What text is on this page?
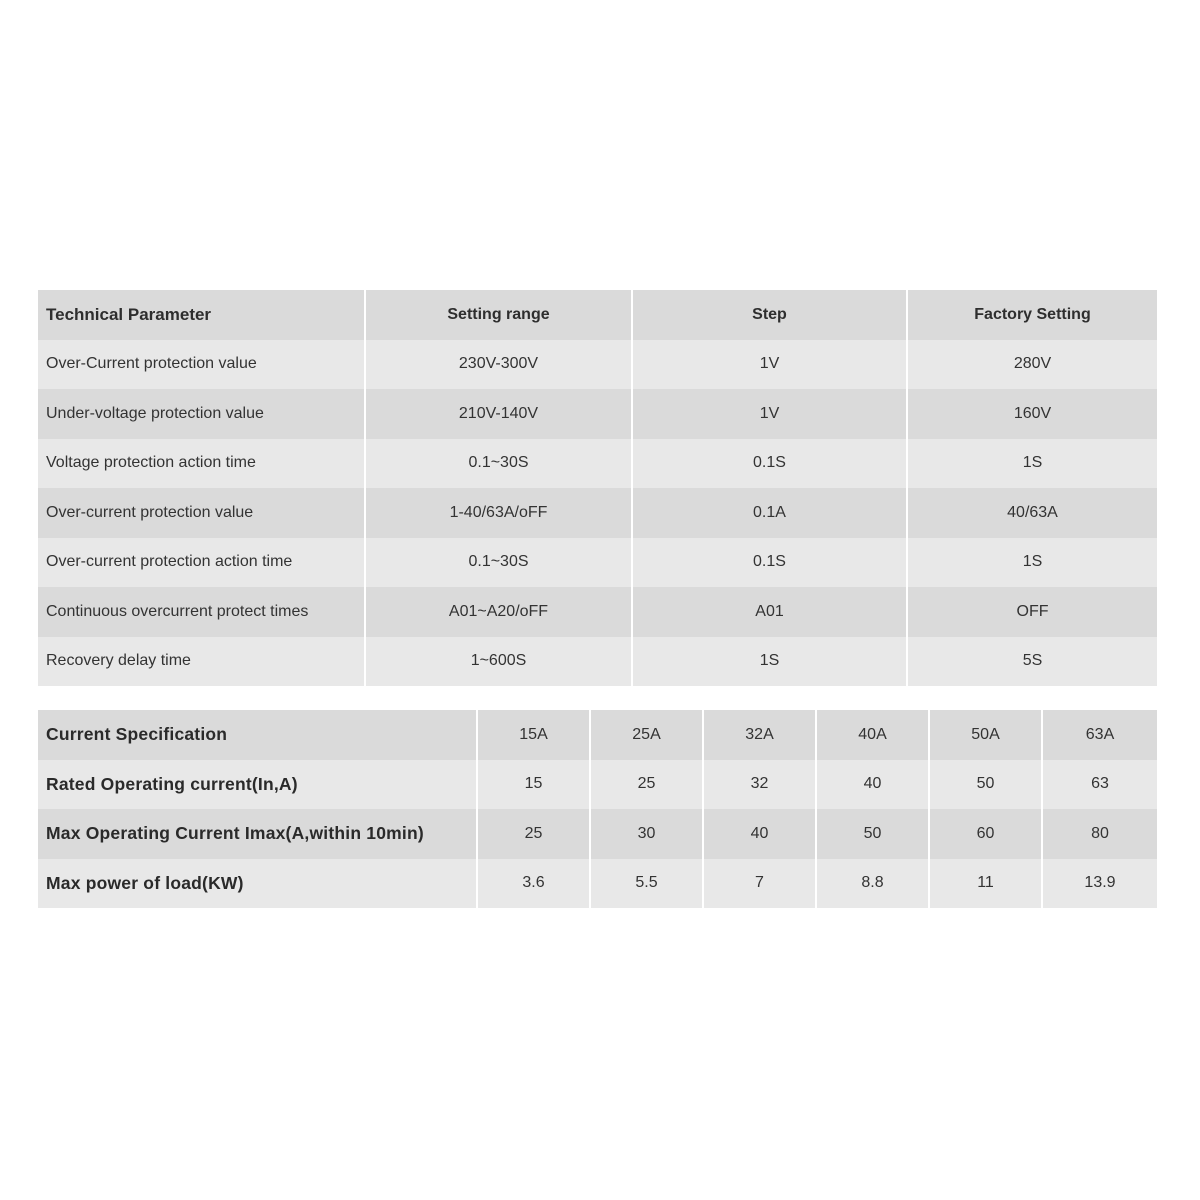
Technical Parameter	Setting range	Step	Factory Setting
Over-Current protection value	230V-300V	1V	280V
Under-voltage protection value	210V-140V	1V	160V
Voltage protection action time	0.1~30S	0.1S	1S
Over-current protection value	1-40/63A/oFF	0.1A	40/63A
Over-current protection action time	0.1~30S	0.1S	1S
Continuous overcurrent protect times	A01~A20/oFF	A01	OFF
Recovery delay time	1~600S	1S	5S
Current Specification	15A	25A	32A	40A	50A	63A
Rated Operating current(In,A)	15	25	32	40	50	63
Max Operating Current Imax(A,within 10min)	25	30	40	50	60	80
Max power of load(KW)	3.6	5.5	7	8.8	11	13.9
